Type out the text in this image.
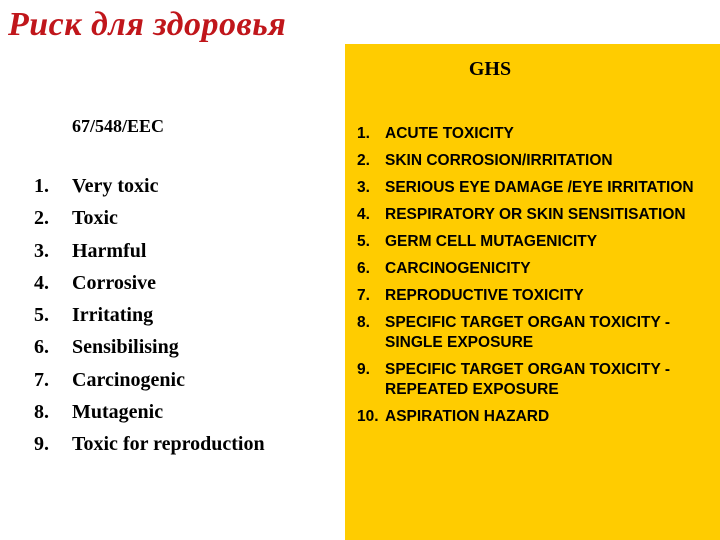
Риск для здоровья
67/548/EEC
1.	Very toxic
2.	Toxic
3.	Harmful
4.	Corrosive
5.	Irritating
6.	Sensibilising
7.	Carcinogenic
8.	Mutagenic
9.	Toxic for reproduction
GHS
1. ACUTE TOXICITY
2. SKIN CORROSION/IRRITATION
3. SERIOUS EYE DAMAGE /EYE IRRITATION
4. RESPIRATORY OR SKIN SENSITISATION
5. GERM CELL MUTAGENICITY
6. CARCINOGENICITY
7. REPRODUCTIVE TOXICITY
8. SPECIFIC TARGET ORGAN TOXICITY - SINGLE EXPOSURE
9. SPECIFIC TARGET ORGAN TOXICITY - REPEATED EXPOSURE
10. ASPIRATION HAZARD
